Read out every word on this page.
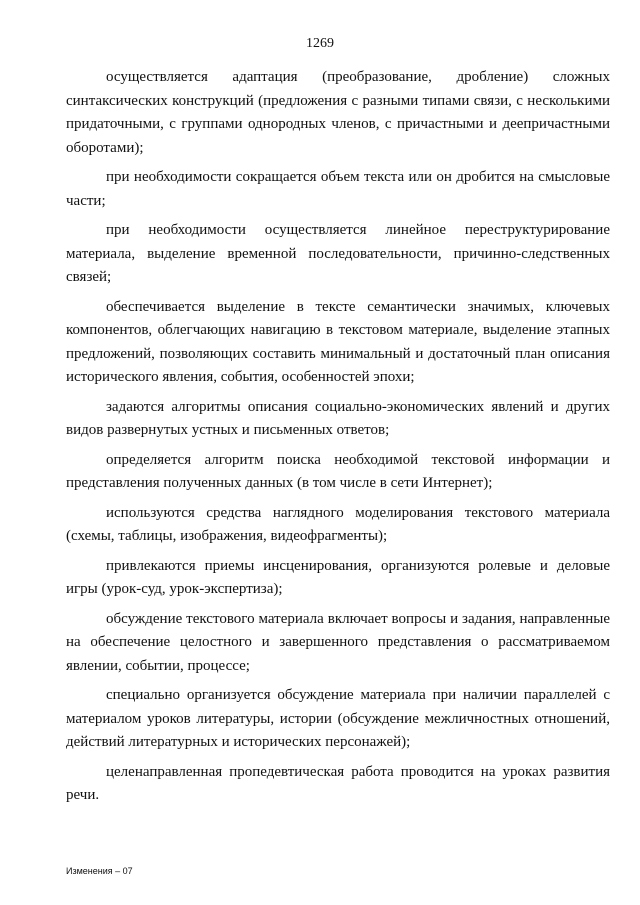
1269

осуществляется адаптация (преобразование, дробление) сложных синтаксических конструкций (предложения с разными типами связи, с несколькими придаточными, с группами однородных членов, с причастными и деепричастными оборотами);

при необходимости сокращается объем текста или он дробится на смысловые части;

при необходимости осуществляется линейное переструктурирование материала, выделение временной последовательности, причинно-следственных связей;

обеспечивается выделение в тексте семантически значимых, ключевых компонентов, облегчающих навигацию в текстовом материале, выделение этапных предложений, позволяющих составить минимальный и достаточный план описания исторического явления, события, особенностей эпохи;

задаются алгоритмы описания социально-экономических явлений и других видов развернутых устных и письменных ответов;

определяется алгоритм поиска необходимой текстовой информации и представления полученных данных (в том числе в сети Интернет);

используются средства наглядного моделирования текстового материала (схемы, таблицы, изображения, видеофрагменты);

привлекаются приемы инсценирования, организуются ролевые и деловые игры (урок-суд, урок-экспертиза);

обсуждение текстового материала включает вопросы и задания, направленные на обеспечение целостного и завершенного представления о рассматриваемом явлении, событии, процессе;

специально организуется обсуждение материала при наличии параллелей с материалом уроков литературы, истории (обсуждение межличностных отношений, действий литературных и исторических персонажей);

целенаправленная пропедевтическая работа проводится на уроках развития речи.

Изменения – 07
